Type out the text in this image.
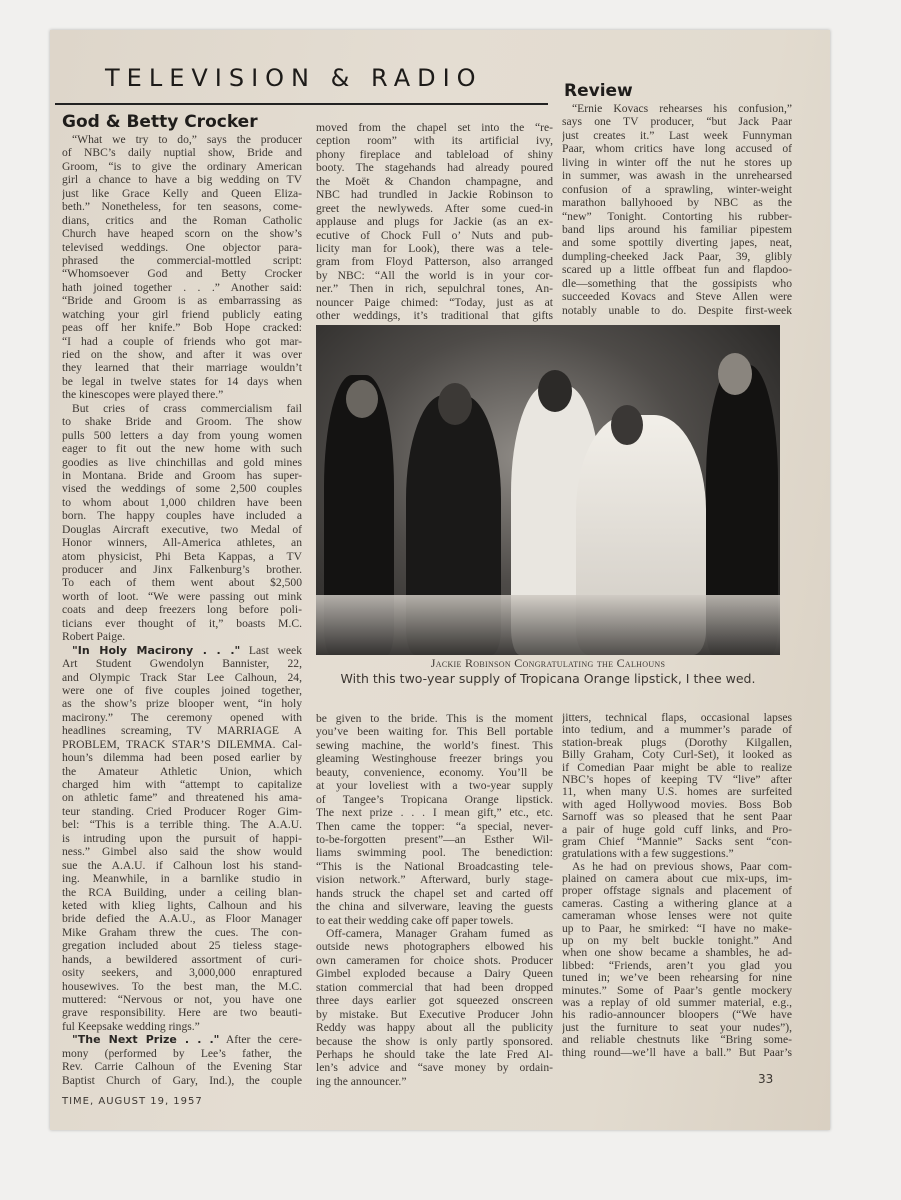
TELEVISION & RADIO
God & Betty Crocker
“What we try to do,” says the producer
of NBC’s daily nuptial show, Bride and
Groom, “is to give the ordinary American
girl a chance to have a big wedding on TV
just like Grace Kelly and Queen Eliza-
beth.” Nonetheless, for ten seasons, come-
dians, critics and the Roman Catholic
Church have heaped scorn on the show’s
televised weddings. One objector para-
phrased the commercial-mottled script:
“Whomsoever God and Betty Crocker
hath joined together . . .” Another said:
“Bride and Groom is as embarrassing as
watching your girl friend publicly eating
peas off her knife.” Bob Hope cracked:
“I had a couple of friends who got mar-
ried on the show, and after it was over
they learned that their marriage wouldn’t
be legal in twelve states for 14 days when
the kinescopes were played there.”
But cries of crass commercialism fail
to shake Bride and Groom. The show
pulls 500 letters a day from young women
eager to fit out the new home with such
goodies as live chinchillas and gold mines
in Montana. Bride and Groom has super-
vised the weddings of some 2,500 couples
to whom about 1,000 children have been
born. The happy couples have included a
Douglas Aircraft executive, two Medal of
Honor winners, All-America athletes, an
atom physicist, Phi Beta Kappas, a TV
producer and Jinx Falkenburg’s brother.
To each of them went about $2,500
worth of loot. “We were passing out mink
coats and deep freezers long before poli-
ticians ever thought of it,” boasts M.C.
Robert Paige.
"In Holy Macirony . . ." Last week
Art Student Gwendolyn Bannister, 22,
and Olympic Track Star Lee Calhoun, 24,
were one of five couples joined together,
as the show’s prize blooper went, “in holy
macirony.” The ceremony opened with
headlines screaming, TV MARRIAGE A
PROBLEM, TRACK STAR’S DILEMMA. Cal-
houn’s dilemma had been posed earlier by
the Amateur Athletic Union, which
charged him with “attempt to capitalize
on athletic fame” and threatened his ama-
teur standing. Cried Producer Roger Gim-
bel: “This is a terrible thing. The A.A.U.
is intruding upon the pursuit of happi-
ness.” Gimbel also said the show would
sue the A.A.U. if Calhoun lost his stand-
ing. Meanwhile, in a barnlike studio in
the RCA Building, under a ceiling blan-
keted with klieg lights, Calhoun and his
bride defied the A.A.U., as Floor Manager
Mike Graham threw the cues. The con-
gregation included about 25 tieless stage-
hands, a bewildered assortment of curi-
osity seekers, and 3,000,000 enraptured
housewives. To the best man, the M.C.
muttered: “Nervous or not, you have one
grave responsibility. Here are two beauti-
ful Keepsake wedding rings.”
"The Next Prize . . ." After the cere-
mony (performed by Lee’s father, the
Rev. Carrie Calhoun of the Evening Star
Baptist Church of Gary, Ind.), the couple
moved from the chapel set into the “re-
ception room” with its artificial ivy,
phony fireplace and tableload of shiny
booty. The stagehands had already poured
the Moët & Chandon champagne, and
NBC had trundled in Jackie Robinson to
greet the newlyweds. After some cued-in
applause and plugs for Jackie (as an ex-
ecutive of Chock Full o’ Nuts and pub-
licity man for Look), there was a tele-
gram from Floyd Patterson, also arranged
by NBC: “All the world is in your cor-
ner.” Then in rich, sepulchral tones, An-
nouncer Paige chimed: “Today, just as at
other weddings, it’s traditional that gifts
Jackie Robinson Congratulating the Calhouns
With this two-year supply of Tropicana Orange lipstick, I thee wed.
be given to the bride. This is the moment
you’ve been waiting for. This Bell portable
sewing machine, the world’s finest. This
gleaming Westinghouse freezer brings you
beauty, convenience, economy. You’ll be
at your loveliest with a two-year supply
of Tangee’s Tropicana Orange lipstick.
The next prize . . . I mean gift,” etc., etc.
Then came the topper: “a special, never-
to-be-forgotten present”—an Esther Wil-
liams swimming pool. The benediction:
“This is the National Broadcasting tele-
vision network.” Afterward, burly stage-
hands struck the chapel set and carted off
the china and silverware, leaving the guests
to eat their wedding cake off paper towels.
Off-camera, Manager Graham fumed as
outside news photographers elbowed his
own cameramen for choice shots. Producer
Gimbel exploded because a Dairy Queen
station commercial that had been dropped
three days earlier got squeezed onscreen
by mistake. But Executive Producer John
Reddy was happy about all the publicity
because the show is only partly sponsored.
Perhaps he should take the late Fred Al-
len’s advice and “save money by ordain-
ing the announcer.”
Review
“Ernie Kovacs rehearses his confusion,”
says one TV producer, “but Jack Paar
just creates it.” Last week Funnyman
Paar, whom critics have long accused of
living in winter off the nut he stores up
in summer, was awash in the unrehearsed
confusion of a sprawling, winter-weight
marathon ballyhooed by NBC as the
“new” Tonight. Contorting his rubber-
band lips around his familiar pipestem
and some spottily diverting japes, neat,
dumpling-cheeked Jack Paar, 39, glibly
scared up a little offbeat fun and flapdoo-
dle—something that the gossipists who
succeeded Kovacs and Steve Allen were
notably unable to do. Despite first-week
jitters, technical flaps, occasional lapses
into tedium, and a mummer’s parade of
station-break plugs (Dorothy Kilgallen,
Billy Graham, Coty Curl-Set), it looked as
if Comedian Paar might be able to realize
NBC’s hopes of keeping TV “live” after
11, when many U.S. homes are surfeited
with aged Hollywood movies. Boss Bob
Sarnoff was so pleased that he sent Paar
a pair of huge gold cuff links, and Pro-
gram Chief “Mannie” Sacks sent “con-
gratulations with a few suggestions.”
As he had on previous shows, Paar com-
plained on camera about cue mix-ups, im-
proper offstage signals and placement of
cameras. Casting a withering glance at a
cameraman whose lenses were not quite
up to Paar, he smirked: “I have no make-
up on my belt buckle tonight.” And
when one show became a shambles, he ad-
libbed: “Friends, aren’t you glad you
tuned in; we’ve been rehearsing for nine
minutes.” Some of Paar’s gentle mockery
was a replay of old summer material, e.g.,
his radio-announcer bloopers (“We have
just the furniture to seat your nudes”),
and reliable chestnuts like “Bring some-
thing round—we’ll have a ball.” But Paar’s
TIME, AUGUST 19, 1957
33
